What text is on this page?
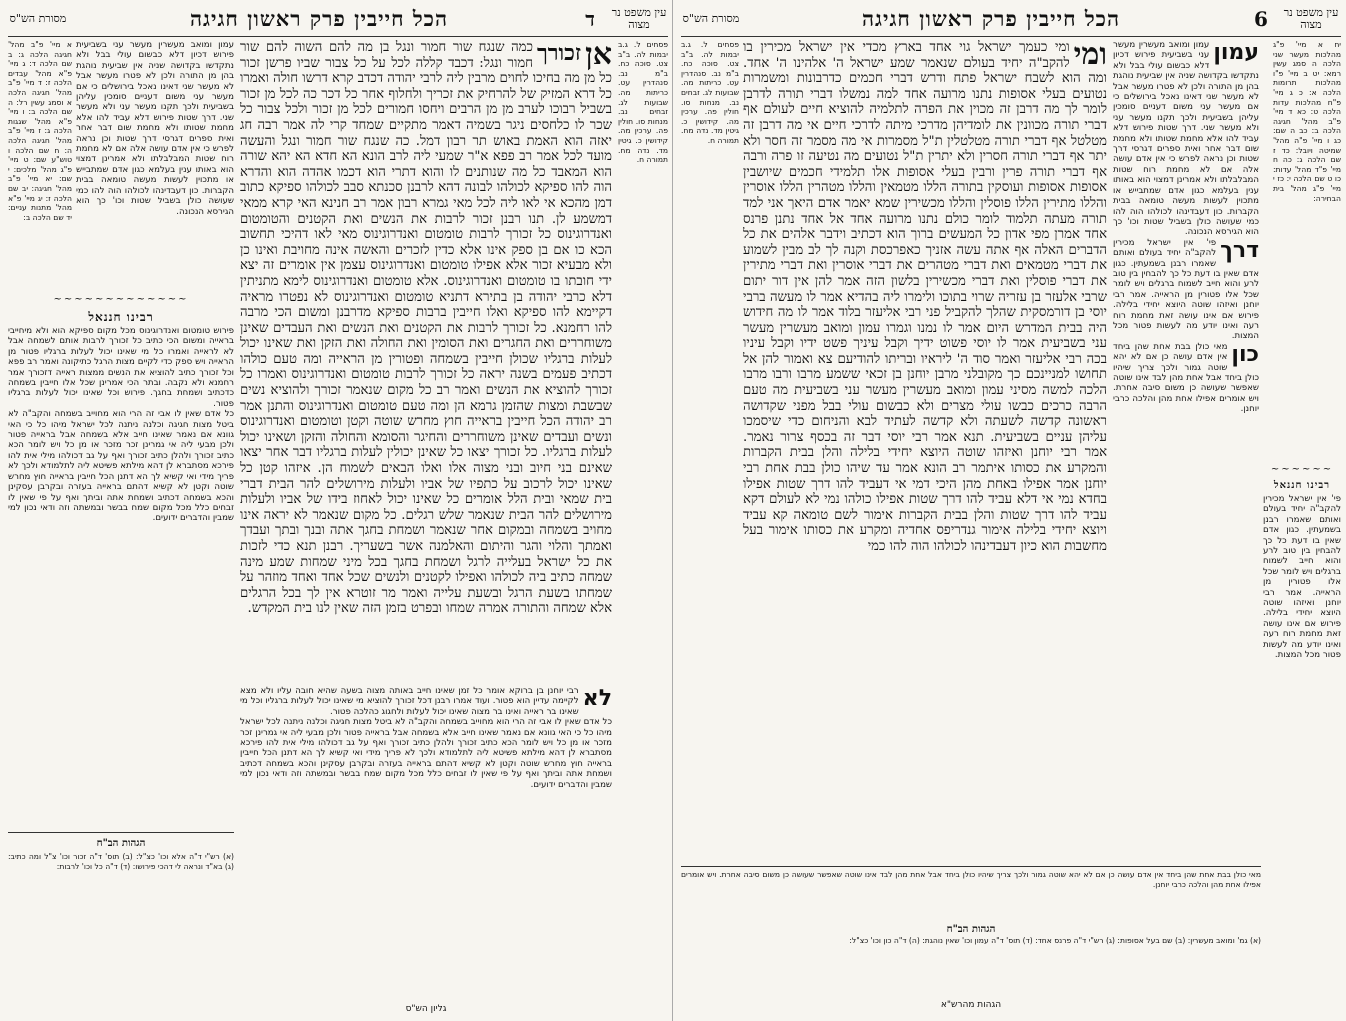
עין משפט נר מצוה
ד
הכל חייבין פרק ראשון חגיגה
מסורת הש"ס

פסחים ל. ג.ב יבמות לה. ב"ב צט. סוכה כח. ב"מ נב. סנהדרין עט. כריתות מה. שבועות לג. זבחים נב. מנחות סו. חולין פה. ערכין מה. קידושין כ. גיטין מד. נדה מח. תמורה ח.

אן
זכורך

כמה שנגח שור חמור ונגל בן מה להם השוה להם שור חמור ונגל: דכבד קללה לכל על כל צבור שביו פרשן זכור כל מן מה בחיכו לחוים מרבין ליה לרבי יהודה דכדב קרא דרשו חולה ואמרו כל דרא המזיק של להרחיק את זכריך ולחלוף אחר כל דכר כה לכל מן זכור בשביל רבוכו לערב מן מן הרבים ויחסו חמורים לכל מן זכור ולכל צבור כל שכר לו כלחסים ניגר בשמיה דאמר מתקיים שמחד קרי לה אמר רבה חג יאזה הוא האמת באוש תר רבון דמל. כה שנגח שור חמור ונגל והעשה מועד לכל אמר רב פפא א"ר שמעי ליה לרב הונא הא חדא הא יהא שורה הוא המאבד כל מה שנותנים לו והוא דתרי הוא דכמו אהדה הוא והדרא הוה להו ספיקא לכולהו לבונה דהא לרבנן סכנתא סבב לכולהו ספיקא כתוב דמן מהכא אי לאו ליה לכל מאי גמרא רבון אמר רב חנינא האי קרא ממאי דמשמע לן. תנו רבנן זכור לרבות את הנשים ואת הקטנים והטומטום ואנדרוגינוס כל זכורך לרבות טומטום ואנדרוגינוס מאי לאו דהיכי תחשוב הכא כו אם בן ספק אינו אלא כדין לזכרים והאשה אינה מחויבת ואינו כן ולא מבעיא זכור אלא אפילו טומטום ואנדרוגינוס עצמן אין אומרים זה יצא ידי חובתו בו טומטום ואנדרוגינוס. אלא טומטום ואנדרוגינוס לימא מתניתין דלא כרבי יהודה בן בתירא דתניא טומטום ואנדרוגינוס לא נפטרו מראיה דקיימא להו ספיקא ואלו חייבין ברבות ספיקא מדרבנן ומשום הכי מרבה להו רחמנא. כל זכורך לרבות את הקטנים ואת הנשים ואת העבדים שאינן משוחררים ואת החגרים ואת הסומין ואת החולה ואת הזקן ואת שאינו יכול לעלות ברגליו שכולן חייבין בשמחה ופטורין מן הראייה ומה טעם כולהו דכתיב פעמים בשנה יראה כל זכורך לרבות טומטום ואנדרוגינוס ואמרו כל זכורך להוציא את הנשים ואמר רב כל מקום שנאמר זכורך ולהוציא נשים שבשבת ומצות שהזמן גרמא הן ומה טעם טומטום ואנדרוגינוס והתנן אמר רב יהודה הכל חייבין בראייה חוץ מחרש שוטה וקטן וטומטום ואנדרוגינוס ונשים ועבדים שאינן משוחררים והחיגר והסומא והחולה והזקן ושאינו יכול לעלות ברגליו. כל זכורך יצאו כל שאינן יכולין לעלות ברגליו דבר אחר יצאו שאינם בני חיוב ובני מצוה אלו ואלו הבאים לשמוח הן. איזהו קטן כל שאינו יכול לרכוב על כתפיו של אביו ולעלות מירושלים להר הבית דברי בית שמאי ובית הלל אומרים כל שאינו יכול לאחוז בידו של אביו ולעלות מירושלים להר הבית שנאמר שלש רגלים. כל מקום שנאמר לא יראה אינו מחויב בשמחה ובמקום אחר שנאמר ושמחת בחגך אתה ובנך ובתך ועבדך ואמתך והלוי והגר והיתום והאלמנה אשר בשעריך. רבנן תנא כדי לזכות את כל ישראל בעלייה לרגל ושמחת בחגך בכל מיני שמחות שמע מינה שמחה כתיב ביה לכולהו ואפילו לקטנים ולנשים שכל אחד ואחד מוזהר על שמחתו בשעת הרגל ובשעת עלייה ואמר מר זוטרא אין לך בכל הרגלים אלא שמחה והתורה אמרה שמחו ובפרט בזמן הזה שאין לנו בית המקדש.

לא

רבי יוחנן בן ברוקא אומר כל זמן שאינו חייב באותה מצוה בשעה שהיא חובה עליו ולא מצא לקיימה עדיין הוא פטור. ועוד אמרו רבנן דכל זכורך להוציא מי שאינו יכול לעלות ברגליו וכל מי שאינו בר ראייה ואינו בר מצוה שאינו יכול לעלות ולחגוג כהלכה פטור.

כל אדם שאין לו אבי זה הרי הוא מחוייב בשמחה והקב"ה לא ביטל מצות חגיגה וכלנה ניתנה לכל ישראל מיהו כל כי האי גוונא אם נאמר שאינו חייב אלא בשמחה אבל בראייה פטור ולכן מבעי ליה אי גמרינן זכר מזכר או מן כל ויש לומר הכא כתיב זכורך ולהלן כתיב זכורך ואף על גב דכולהו מילי אית להו פירכא מסתברא לן דהא מילתא פשיטא ליה לתלמודא ולכך לא פריך מידי ואי קשיא לך הא דתנן הכל חייבין בראייה חוץ מחרש שוטה וקטן לא קשיא דהתם בראייה בעזרה ובקרבן עסקינן והכא בשמחה דכתיב ושמחת אתה וביתך ואף על פי שאין לו זבחים כלל מכל מקום שמח בבשר ובמשתה וזה ודאי נכון למי שמבין והדברים ידועים.

א מיי' פ"ב מהל' חגיגה הלכה ג: ב שם הלכה ד: ג מיי' פ"א מהל' עבדים הלכה ז: ד מיי' פ"ב מהל' חגיגה הלכה א וסמג עשין רל: ה שם הלכה ב: ו מיי' פ"א מהל' שגגות הלכה ג: ז מיי' פ"ב מהל' חגיגה הלכה ה: ח שם הלכה ו טוש"ע שם: ט מיי' פ"ג מהל' מלכים: י שם: יא מיי' פ"ב מהל' חגיגה: יב שם הלכה ז: יג מיי' פ"א מהל' מתנות עניים: יד שם הלכה ב:

עמון ומואב מעשרין מעשר עני בשביעית פירוש דכיון דלא כבשום עולי בבל ולא נתקדשו בקדושה שניה אין שביעית נוהגת בהן מן התורה ולכן לא פטרו מעשר אבל לא מעשר שני דאינו נאכל בירושלים כי אם מעשר עני משום דעניים סומכין עליהן בשביעית ולכך תקנו מעשר עני ולא מעשר שני. דרך שטות פירוש דלא עביד להו אלא מחמת שטותו ולא מחמת שום דבר אחר ואית ספרים דגרסי דרך שטות וכן נראה לפרש כי אין אדם עושה אלה אם לא מחמת רוח שטות המבלבלתו ולא אמרינן דמצוי הוא באותו ענין בעלמא כגון אדם שמתבייש או מתכוין לעשות מעשה טומאה בבית הקברות. כון דעבדינהו לכולהו הוה להו כמי שעושה כולן בשביל שטות וכו' כך הוא הגירסא הנכונה.

~~~~~~~~~~~~~
רבינו חננאל

פירוש טומטום ואנדרוגינוס מכל מקום ספיקא הוא ולא מיחייבי בראייה ומשום הכי כתיב כל זכורך לרבות אותם לשמחה אבל לא לראייה ואמרו כל מי שאינו יכול לעלות ברגליו פטור מן הראייה ויש ספק כדי לקיים מצות הרגל כתיקונה ואמר רב פפא וכל זכורך כתיב להוציא את הנשים ממצות ראייה דזכורך אמר רחמנא ולא נקבה. ובתר הכי אמרינן שכל אלו חייבין בשמחה כדכתיב ושמחת בחגך. פירוש וכל שאינו יכול לעלות ברגליו פטור.

כל אדם שאין לו אבי זה הרי הוא מחוייב בשמחה והקב"ה לא ביטל מצות חגיגה וכלנה ניתנה לכל ישראל מיהו כל כי האי גוונא אם נאמר שאינו חייב אלא בשמחה אבל בראייה פטור ולכן מבעי ליה אי גמרינן זכר מזכר או מן כל ויש לומר הכא כתיב זכורך ולהלן כתיב זכורך ואף על גב דכולהו מילי אית להו פירכא מסתברא לן דהא מילתא פשיטא ליה לתלמודא ולכך לא פריך מידי ואי קשיא לך הא דתנן הכל חייבין בראייה חוץ מחרש שוטה וקטן לא קשיא דהתם בראייה בעזרה ובקרבן עסקינן והכא בשמחה דכתיב ושמחת אתה וביתך ואף על פי שאין לו זבחים כלל מכל מקום שמח בבשר ובמשתה וזה ודאי נכון למי שמבין והדברים ידועים.

הגהות הב"ח

(א) רש"י ד"ה אלא וכו' כצ"ל: (ב) תוס' ד"ה זכור וכו' צ"ל ומה כתיב: (ג) בא"ד ונראה לי דהכי פירושו: (ד) ד"ה כל וכו' לרבות:

גליון הש"ס
עין משפט נר מצוה
6
הכל חייבין פרק ראשון חגיגה
מסורת הש"ס

יח א מיי' פ"ג מהלכות מעשר שני הלכה ה סמג עשין רמא: יט ב מיי' פ"ו מהלכות תרומות הלכה א: כ ג מיי' פ"ח מהלכות עדות הלכה ט: כא ד מיי' פ"ב מהל' חגיגה הלכה ב: כב ה שם: כג ו מיי' פ"ה מהל' שמיטה ויובל: כד ז שם הלכה ג: כה ח מיי' פ"ד מהל' עדות: כו ט שם הלכה י: כז י מיי' פ"ג מהל' בית הבחירה:

~~~~~~
רבינו חננאל

פי' אין ישראל מכירין להקב"ה יחיד בעולם ואותם שאמרו רבנן בשמעתין. כגון אדם שאין בו דעת כל כך להבחין בין טוב לרע והוא חייב לשמוח ברגלים ויש לומר שכל אלו פטורין מן הראייה. אמר רבי יוחנן ואיזהו שוטה היוצא יחידי בלילה. פירוש אם אינו עושה זאת מחמת רוח רעה ואינו יודע מה לעשות פטור מכל המצות.

עמון

עמון ומואב מעשרין מעשר עני בשביעית פירוש דכיון דלא כבשום עולי בבל ולא נתקדשו בקדושה שניה אין שביעית נוהגת בהן מן התורה ולכן לא פטרו מעשר אבל לא מעשר שני דאינו נאכל בירושלים כי אם מעשר עני משום דעניים סומכין עליהן בשביעית ולכך תקנו מעשר עני ולא מעשר שני. דרך שטות פירוש דלא עביד להו אלא מחמת שטותו ולא מחמת שום דבר אחר ואית ספרים דגרסי דרך שטות וכן נראה לפרש כי אין אדם עושה אלה אם לא מחמת רוח שטות המבלבלתו ולא אמרינן דמצוי הוא באותו ענין בעלמא כגון אדם שמתבייש או מתכוין לעשות מעשה טומאה בבית הקברות. כון דעבדינהו לכולהו הוה להו כמי שעושה כולן בשביל שטות וכו' כך הוא הגירסא הנכונה.

דרך

פי' אין ישראל מכירין להקב"ה יחיד בעולם ואותם שאמרו רבנן בשמעתין. כגון אדם שאין בו דעת כל כך להבחין בין טוב לרע והוא חייב לשמוח ברגלים ויש לומר שכל אלו פטורין מן הראייה. אמר רבי יוחנן ואיזהו שוטה היוצא יחידי בלילה. פירוש אם אינו עושה זאת מחמת רוח רעה ואינו יודע מה לעשות פטור מכל המצות.

כון

מאי כולן בבת אחת שהן ביחד אין אדם עושה כן אם לא יהא שוטה גמור ולכך צריך שיהיו כולן ביחד אבל אחת מהן לבד אינו שוטה שאפשר שעושה כן משום סיבה אחרת. ויש אומרים אפילו אחת מהן והלכה כרבי יוחנן.

ומי

ומי כעמך ישראל גוי אחד בארץ מכדי אין ישראל מכירין בו להקב"ה יחיד בעולם שנאמר שמע ישראל ה' אלהינו ה' אחד. ומה הוא לשבח ישראל פתח ודרש דברי חכמים כדרבונות ומשמרות נטועים בעלי אסופות נתנו מרועה אחד למה נמשלו דברי תורה לדרבן לומר לך מה דרבן זה מכוין את הפרה לתלמיה להוציא חיים לעולם אף דברי תורה מכוונין את לומדיהן מדרכי מיתה לדרכי חיים אי מה דרבן זה מטלטל אף דברי תורה מטלטלין ת"ל מסמרות אי מה מסמר זה חסר ולא יתר אף דברי תורה חסרין ולא יתרין ת"ל נטועים מה נטיעה זו פרה ורבה אף דברי תורה פרין ורבין בעלי אסופות אלו תלמידי חכמים שיושבין אסופות אסופות ועוסקין בתורה הללו מטמאין והללו מטהרין הללו אוסרין והללו מתירין הללו פוסלין והללו מכשירין שמא יאמר אדם היאך אני למד תורה מעתה תלמוד לומר כולם נתנו מרועה אחד אל אחד נתנן פרנס אחד אמרן מפי אדון כל המעשים ברוך הוא דכתיב וידבר אלהים את כל הדברים האלה אף אתה עשה אזניך כאפרכסת וקנה לך לב מבין לשמוע את דברי מטמאים ואת דברי מטהרים את דברי אוסרין ואת דברי מתירין את דברי פוסלין ואת דברי מכשירין בלשון הזה אמר להן אין דור יתום שרבי אלעזר בן עזריה שרוי בתוכו ולימרו ליה בהדיא אמר לו מעשה ברבי יוסי בן דורמסקית שהלך להקביל פני רבי אליעזר בלוד אמר לו מה חידוש היה בבית המדרש היום אמר לו נמנו וגמרו עמון ומואב מעשרין מעשר עני בשביעית אמר לו יוסי פשוט ידיך וקבל עיניך פשט ידיו וקבל עיניו בכה רבי אליעזר ואמר סוד ה' ליראיו ובריתו להודיעם צא ואמור להן אל תחושו למניינכם כך מקובלני מרבן יוחנן בן זכאי ששמע מרבו ורבו מרבו הלכה למשה מסיני עמון ומואב מעשרין מעשר עני בשביעית מה טעם הרבה כרכים כבשו עולי מצרים ולא כבשום עולי בבל מפני שקדושה ראשונה קדשה לשעתה ולא קדשה לעתיד לבא והניחום כדי שיסמכו עליהן עניים בשביעית. תנא אמר רבי יוסי דבר זה בכסף צרור נאמר. אמר רבי יוחנן ואיזהו שוטה היוצא יחידי בלילה והלן בבית הקברות והמקרע את כסותו איתמר רב הונא אמר עד שיהו כולן בבת אחת רבי יוחנן אמר אפילו באחת מהן היכי דמי אי דעביד להו דרך שטות אפילו בחדא נמי אי דלא עביד להו דרך שטות אפילו כולהו נמי לא לעולם דקא עביד להו דרך שטות והלן בבית הקברות אימור לשם טומאה קא עביד ויוצא יחידי בלילה אימור גנדריפס אחדיה ומקרע את כסותו אימור בעל מחשבות הוא כיון דעבדינהו לכולהו הוה להו כמי

פסחים ל. ג.ב יבמות לה. ב"ב צט. סוכה כח. ב"מ נב. סנהדרין עט. כריתות מה. שבועות לג. זבחים נב. מנחות סו. חולין פה. ערכין מה. קידושין כ. גיטין מד. נדה מח. תמורה ח.

מאי כולן בבת אחת שהן ביחד אין אדם עושה כן אם לא יהא שוטה גמור ולכך צריך שיהיו כולן ביחד אבל אחת מהן לבד אינו שוטה שאפשר שעושה כן משום סיבה אחרת. ויש אומרים אפילו אחת מהן והלכה כרבי יוחנן.

הגהות הב"ח

(א) גמ' ומואב מעשרין: (ב) שם בעל אסופות: (ג) רש"י ד"ה פרנס אחד: (ד) תוס' ד"ה עמון וכו' שאין נוהגת: (ה) ד"ה כון וכו' כצ"ל:

הגהות מהרש"א
